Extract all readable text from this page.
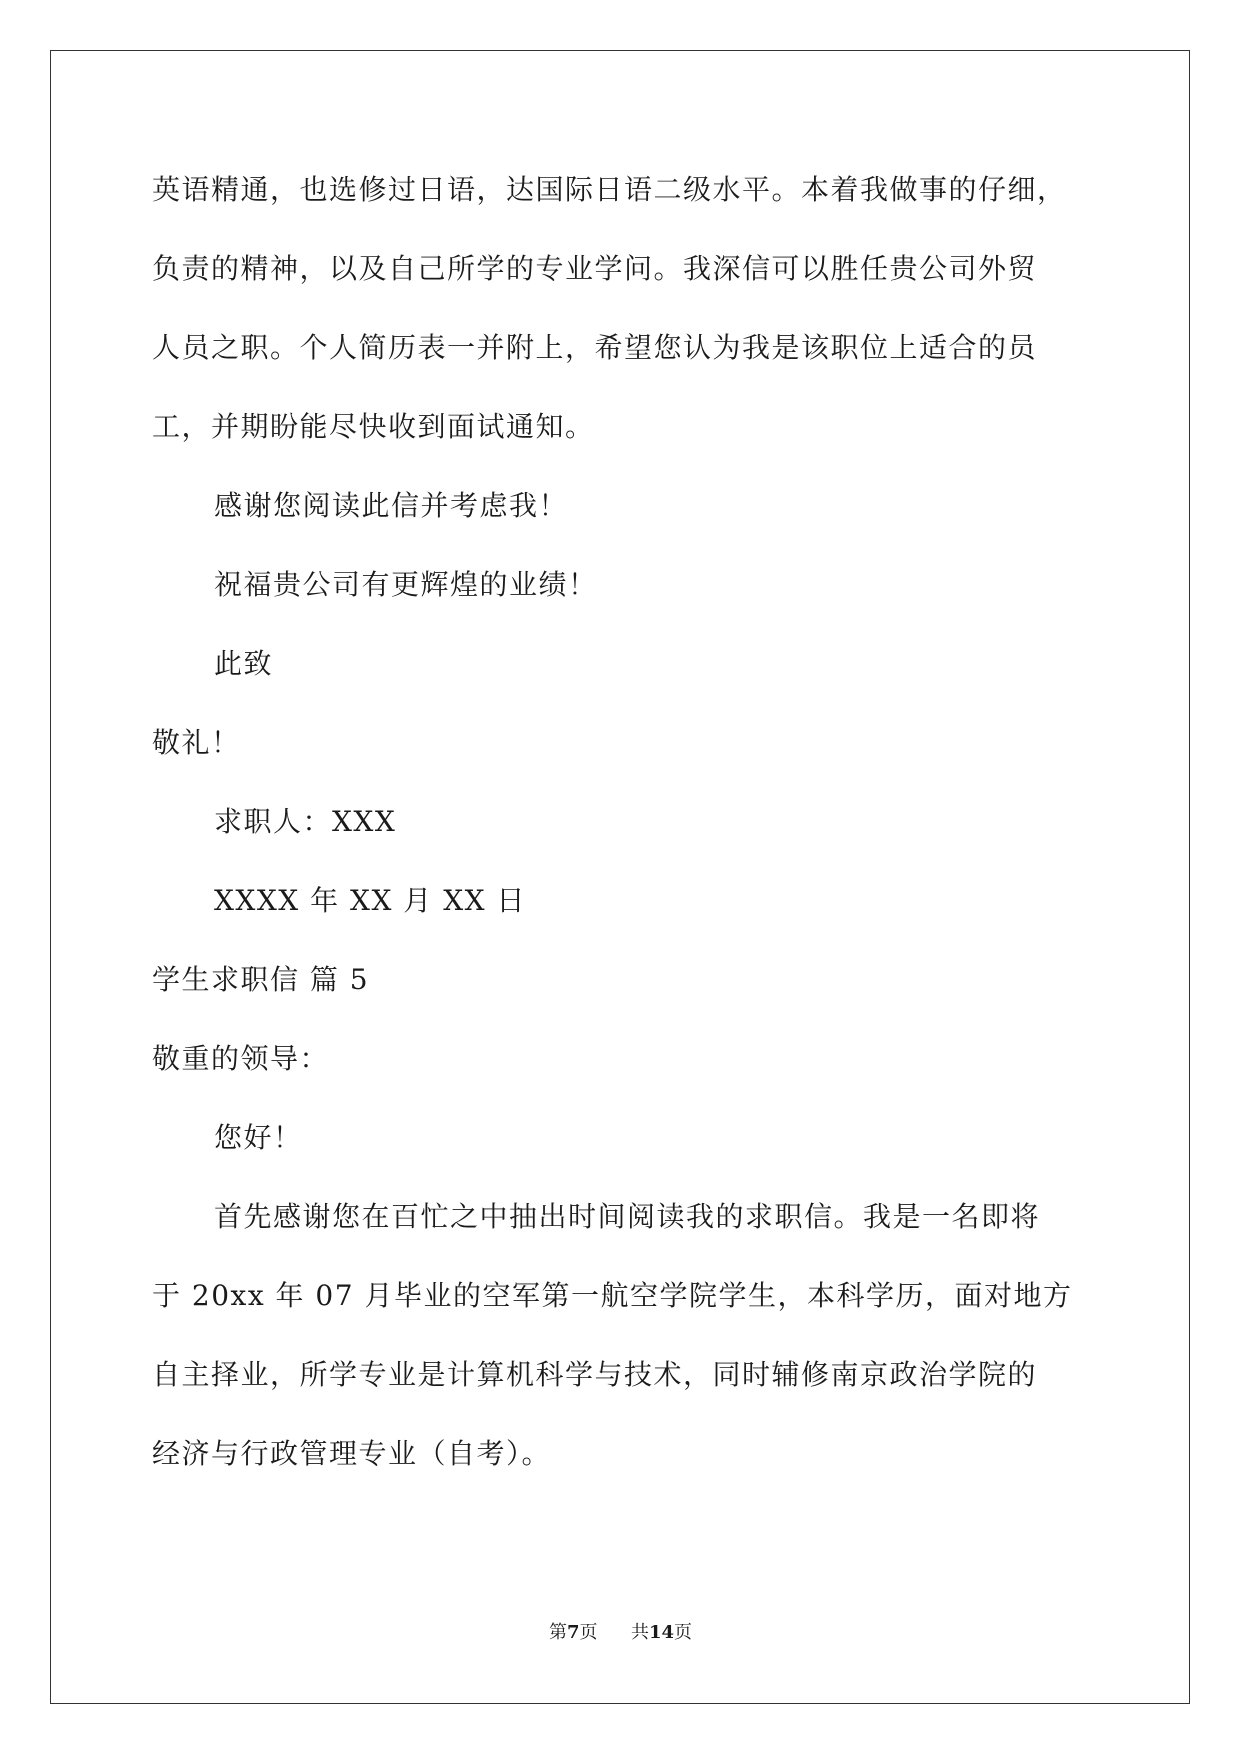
英语精通，也选修过日语，达国际日语二级水平。本着我做事的仔细，
负责的精神，以及自己所学的专业学问。我深信可以胜任贵公司外贸
人员之职。个人简历表一并附上，希望您认为我是该职位上适合的员
工，并期盼能尽快收到面试通知。
感谢您阅读此信并考虑我！
祝福贵公司有更辉煌的业绩！
此致
敬礼！
求职人：XXX
XXXX 年 XX 月 XX 日
学生求职信 篇 5
敬重的领导：
您好！
首先感谢您在百忙之中抽出时间阅读我的求职信。我是一名即将
于 20xx 年 07 月毕业的空军第一航空学院学生，本科学历，面对地方
自主择业，所学专业是计算机科学与技术，同时辅修南京政治学院的
经济与行政管理专业（自考）。
第7页 共14页
